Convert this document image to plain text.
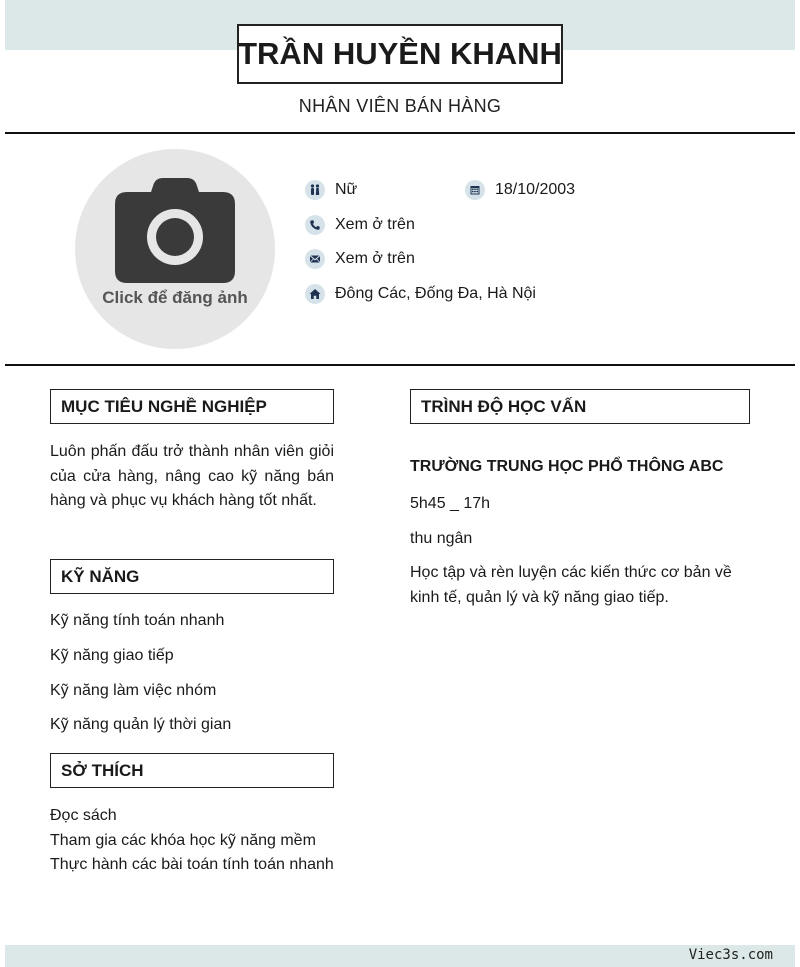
TRẦN HUYỀN KHANH
NHÂN VIÊN BÁN HÀNG
Click để đăng ảnh
Nữ	18/10/2003
Xem ở trên
Xem ở trên
Đông Các, Đống Đa, Hà Nội
MỤC TIÊU NGHỀ NGHIỆP
Luôn phấn đấu trở thành nhân viên giỏi của cửa hàng, nâng cao kỹ năng bán hàng và phục vụ khách hàng tốt nhất.
KỸ NĂNG
Kỹ năng tính toán nhanh
Kỹ năng giao tiếp
Kỹ năng làm việc nhóm
Kỹ năng quản lý thời gian
SỞ THÍCH
Đọc sách
Tham gia các khóa học kỹ năng mềm
Thực hành các bài toán tính toán nhanh
TRÌNH ĐỘ HỌC VẤN
TRƯỜNG TRUNG HỌC PHỔ THÔNG ABC
5h45 _ 17h
thu ngân
Học tập và rèn luyện các kiến thức cơ bản về kinh tế, quản lý và kỹ năng giao tiếp.
Viec3s.com
